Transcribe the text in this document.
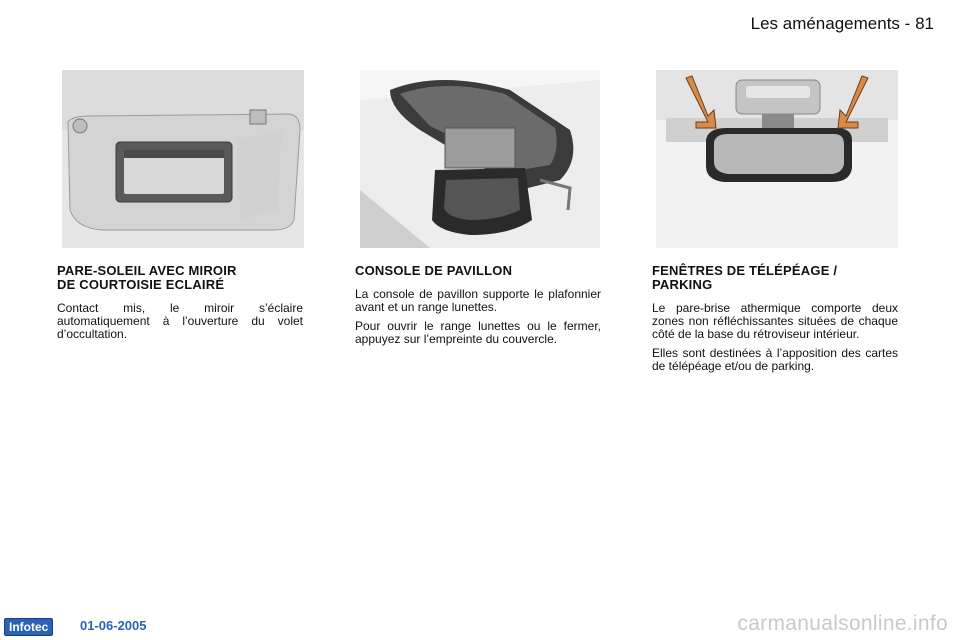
Les aménagements - 81
PARE-SOLEIL AVEC MIROIR
DE COURTOISIE ECLAIRÉ

Contact mis, le miroir s’éclaire automatiquement à l’ouverture du volet d’occultation.

CONSOLE DE PAVILLON

La console de pavillon supporte le plafonnier avant et un range lunettes.

Pour ouvrir le range lunettes ou le fermer, appuyez sur l’empreinte du couvercle.

FENÊTRES DE TÉLÉPÉAGE /
PARKING

Le pare-brise athermique comporte deux zones non réfléchissantes situées de chaque côté de la base du rétroviseur intérieur.

Elles sont destinées à l’apposition des cartes de télépéage et/ou de parking.

Infotec	01-06-2005	carmanualsonline.info
